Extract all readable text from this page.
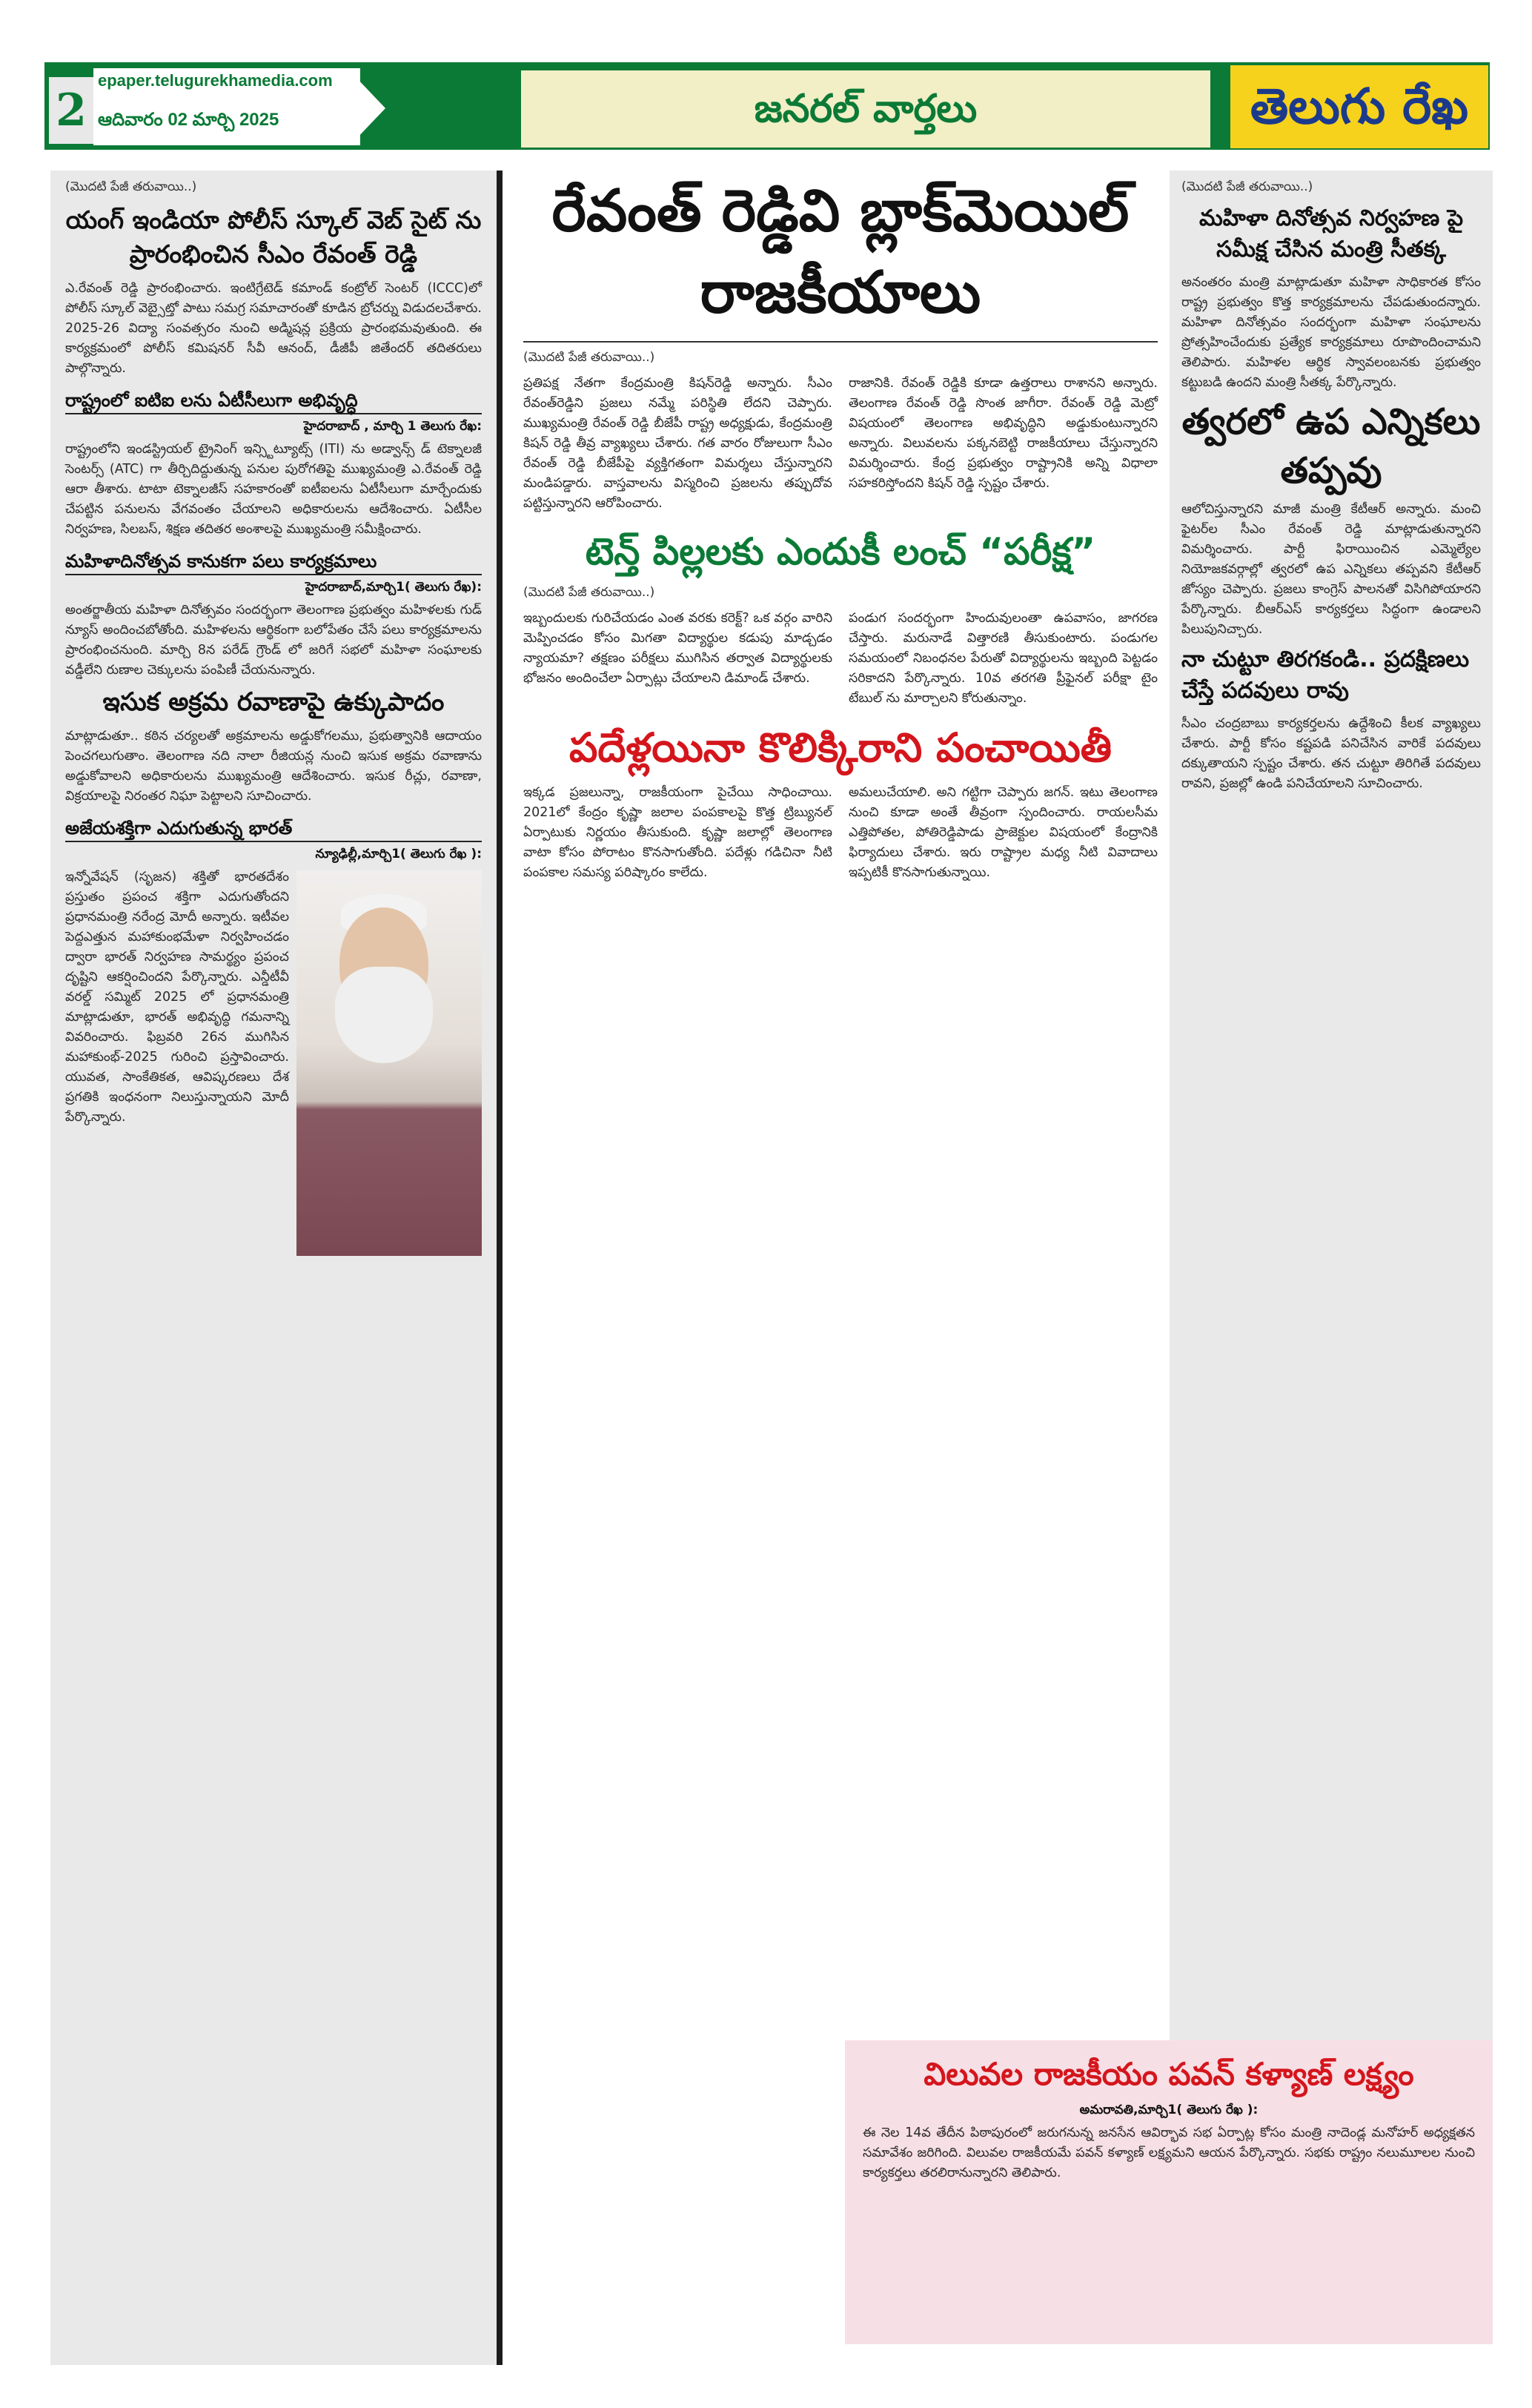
2
epaper.telugurekhamedia.com
ఆదివారం 02 మార్చి 2025	జనరల్ వార్తలు	తెలుగు రేఖ
(మొదటి పేజీ తరువాయి..)
యంగ్ ఇండియా పోలీస్ స్కూల్ వెబ్ సైట్ ను ప్రారంభించిన సీఎం రేవంత్ రెడ్డి

ఎ.రేవంత్ రెడ్డి ప్రారంభించారు. ఇంటిగ్రేటెడ్ కమాండ్ కంట్రోల్ సెంటర్ (ICCC)లో పోలీస్ స్కూల్ వెబ్సైట్తో పాటు సమగ్ర సమాచారంతో కూడిన బ్రోచర్ను విడుదలచేశారు. 2025-26 విద్యా సంవత్సరం నుంచి అడ్మిషన్ల ప్రక్రియ ప్రారంభమవుతుంది. ఈ కార్యక్రమంలో పోలీస్ కమిషనర్ సీవీ ఆనంద్, డీజీపీ జితేందర్ తదితరులు పాల్గొన్నారు.

రాష్ట్రంలో ఐటిఐ లను ఏటీసీలుగా అభివృద్ధి
హైదరాబాద్ , మార్చి 1 తెలుగు రేఖ:

రాష్ట్రంలోని ఇండస్ట్రియల్ ట్రైనింగ్ ఇన్స్టిట్యూట్స్ (ITI) ను అడ్వాన్స్ డ్ టెక్నాలజీ సెంటర్స్ (ATC) గా తీర్చిదిద్దుతున్న పనుల పురోగతిపై ముఖ్యమంత్రి ఎ.రేవంత్ రెడ్డి ఆరా తీశారు. టాటా టెక్నాలజీస్ సహకారంతో ఐటీఐలను ఏటీసీలుగా మార్చేందుకు చేపట్టిన పనులను వేగవంతం చేయాలని అధికారులను ఆదేశించారు. ఏటీసీల నిర్వహణ, సిలబస్, శిక్షణ తదితర అంశాలపై ముఖ్యమంత్రి సమీక్షించారు.

మహిళాదినోత్సవ కానుకగా పలు కార్యక్రమాలు
హైదరాబాద్,మార్చి1( తెలుగు రేఖ):

అంతర్జాతీయ మహిళా దినోత్సవం సందర్భంగా తెలంగాణ ప్రభుత్వం మహిళలకు గుడ్ న్యూస్ అందించబోతోంది. మహిళలను ఆర్థికంగా బలోపేతం చేసే పలు కార్యక్రమాలను ప్రారంభించనుంది. మార్చి 8న పరేడ్ గ్రౌండ్ లో జరిగే సభలో మహిళా సంఘాలకు వడ్డీలేని రుణాల చెక్కులను పంపిణీ చేయనున్నారు.

ఇసుక అక్రమ రవాణాపై ఉక్కుపాదం

మాట్లాడుతూ.. కఠిన చర్యలతో అక్రమాలను అడ్డుకోగలము, ప్రభుత్వానికి ఆదాయం పెంచగలుగుతాం. తెలంగాణ నది నాలా రీజియన్ల నుంచి ఇసుక అక్రమ రవాణాను అడ్డుకోవాలని అధికారులను ముఖ్యమంత్రి ఆదేశించారు. ఇసుక రీచ్లు, రవాణా, విక్రయాలపై నిరంతర నిఘా పెట్టాలని సూచించారు.

అజేయశక్తిగా ఎదుగుతున్న భారత్
న్యూఢిల్లీ,మార్చి1( తెలుగు రేఖ ):

ఇన్నోవేషన్ (సృజన) శక్తితో భారతదేశం ప్రస్తుతం ప్రపంచ శక్తిగా ఎదుగుతోందని ప్రధానమంత్రి నరేంద్ర మోదీ అన్నారు. ఇటీవల పెద్దఎత్తున మహాకుంభమేళా నిర్వహించడం ద్వారా భారత్ నిర్వహణ సామర్థ్యం ప్రపంచ దృష్టిని ఆకర్షించిందని పేర్కొన్నారు. ఎన్డీటీవీ వరల్డ్ సమ్మిట్ 2025 లో ప్రధానమంత్రి మాట్లాడుతూ, భారత్ అభివృద్ధి గమనాన్ని వివరించారు. ఫిబ్రవరి 26న ముగిసిన మహాకుంభ్-2025 గురించి ప్రస్తావించారు. యువత, సాంకేతికత, ఆవిష్కరణలు దేశ ప్రగతికి ఇంధనంగా నిలుస్తున్నాయని మోదీ పేర్కొన్నారు.

రేవంత్ రెడ్డివి బ్లాక్‌మెయిల్ రాజకీయాలు
(మొదటి పేజీ తరువాయి..)

ప్రతిపక్ష నేతగా కేంద్రమంత్రి కిషన్‌రెడ్డి అన్నారు. సీఎం రేవంత్‌రెడ్డిని ప్రజలు నమ్మే పరిస్థితి లేదని చెప్పారు. ముఖ్యమంత్రి రేవంత్ రెడ్డి బీజేపీ రాష్ట్ర అధ్యక్షుడు, కేంద్రమంత్రి కిషన్ రెడ్డి తీవ్ర వ్యాఖ్యలు చేశారు. గత వారం రోజులుగా సీఎం రేవంత్ రెడ్డి బీజేపీపై వ్యక్తిగతంగా విమర్శలు చేస్తున్నారని మండిపడ్డారు. వాస్తవాలను విస్మరించి ప్రజలను తప్పుదోవ పట్టిస్తున్నారని ఆరోపించారు.

రాజానికి. రేవంత్ రెడ్డికి కూడా ఉత్తరాలు రాశానని అన్నారు. తెలంగాణ రేవంత్ రెడ్డి సొంత జాగీరా. రేవంత్ రెడ్డి మెట్రో విషయంలో తెలంగాణ అభివృద్ధిని అడ్డుకుంటున్నారని అన్నారు. విలువలను పక్కనబెట్టి రాజకీయాలు చేస్తున్నారని విమర్శించారు. కేంద్ర ప్రభుత్వం రాష్ట్రానికి అన్ని విధాలా సహకరిస్తోందని కిషన్ రెడ్డి స్పష్టం చేశారు.

టెన్త్ పిల్లలకు ఎందుకీ లంచ్ “పరీక్ష”
(మొదటి పేజీ తరువాయి..)

ఇబ్బందులకు గురిచేయడం ఎంత వరకు కరెక్ట్? ఒక వర్గం వారిని మెప్పించడం కోసం మిగతా విద్యార్థుల కడుపు మాడ్చడం న్యాయమా? తక్షణం పరీక్షలు ముగిసిన తర్వాత విద్యార్థులకు భోజనం అందించేలా ఏర్పాట్లు చేయాలని డిమాండ్ చేశారు.

పండుగ సందర్భంగా హిందువులంతా ఉపవాసం, జాగరణ చేస్తారు. మరునాడే విత్తారణి తీసుకుంటారు. పండుగల సమయంలో నిబంధనల పేరుతో విద్యార్థులను ఇబ్బంది పెట్టడం సరికాదని పేర్కొన్నారు. 10వ తరగతి ప్రీఫైనల్ పరీక్షా టైం టేబుల్ ను మార్చాలని కోరుతున్నాం.

పదేళ్లయినా కొలిక్కిరాని పంచాయితీ

ఇక్కడ ప్రజలున్నా, రాజకీయంగా పైచేయి సాధించాయి. 2021లో కేంద్రం కృష్ణా జలాల పంపకాలపై కొత్త ట్రిబ్యునల్ ఏర్పాటుకు నిర్ణయం తీసుకుంది. కృష్ణా జలాల్లో తెలంగాణ వాటా కోసం పోరాటం కొనసాగుతోంది. పదేళ్లు గడిచినా నీటి పంపకాల సమస్య పరిష్కారం కాలేదు.

అమలుచేయాలి. అని గట్టిగా చెప్పారు జగన్. ఇటు తెలంగాణ నుంచి కూడా అంతే తీవ్రంగా స్పందించారు. రాయలసీమ ఎత్తిపోతల, పోతిరెడ్డిపాడు ప్రాజెక్టుల విషయంలో కేంద్రానికి ఫిర్యాదులు చేశారు. ఇరు రాష్ట్రాల మధ్య నీటి వివాదాలు ఇప్పటికీ కొనసాగుతున్నాయి.

(మొదటి పేజీ తరువాయి..)
మహిళా దినోత్సవ నిర్వహణ పై సమీక్ష చేసిన మంత్రి సీతక్క

అనంతరం మంత్రి మాట్లాడుతూ మహిళా సాధికారత కోసం రాష్ట్ర ప్రభుత్వం కొత్త కార్యక్రమాలను చేపడుతుందన్నారు. మహిళా దినోత్సవం సందర్భంగా మహిళా సంఘాలను ప్రోత్సహించేందుకు ప్రత్యేక కార్యక్రమాలు రూపొందించామని తెలిపారు. మహిళల ఆర్థిక స్వావలంబనకు ప్రభుత్వం కట్టుబడి ఉందని మంత్రి సీతక్క పేర్కొన్నారు.

త్వరలో ఉప ఎన్నికలు తప్పవు

ఆలోచిస్తున్నారని మాజీ మంత్రి కేటీఆర్ అన్నారు. మంచి ఫైటర్‌ల సీఎం రేవంత్ రెడ్డి మాట్లాడుతున్నారని విమర్శించారు. పార్టీ ఫిరాయించిన ఎమ్మెల్యేల నియోజకవర్గాల్లో త్వరలో ఉప ఎన్నికలు తప్పవని కేటీఆర్ జోస్యం చెప్పారు. ప్రజలు కాంగ్రెస్ పాలనతో విసిగిపోయారని పేర్కొన్నారు. బీఆర్ఎస్ కార్యకర్తలు సిద్ధంగా ఉండాలని పిలుపునిచ్చారు.

నా చుట్టూ తిరగకండి.. ప్రదక్షిణలు చేస్తే పదవులు రావు

సీఎం చంద్రబాబు కార్యకర్తలను ఉద్దేశించి కీలక వ్యాఖ్యలు చేశారు. పార్టీ కోసం కష్టపడి పనిచేసిన వారికే పదవులు దక్కుతాయని స్పష్టం చేశారు. తన చుట్టూ తిరిగితే పదవులు రావని, ప్రజల్లో ఉండి పనిచేయాలని సూచించారు.

విలువల రాజకీయం పవన్ కళ్యాణ్ లక్ష్యం
అమరావతి,మార్చి1( తెలుగు రేఖ ):

ఈ నెల 14వ తేదీన పిఠాపురంలో జరుగనున్న జనసేన ఆవిర్భావ సభ ఏర్పాట్ల కోసం మంత్రి నాదెండ్ల మనోహర్ అధ్యక్షతన సమావేశం జరిగింది. విలువల రాజకీయమే పవన్ కళ్యాణ్ లక్ష్యమని ఆయన పేర్కొన్నారు. సభకు రాష్ట్రం నలుమూలల నుంచి కార్యకర్తలు తరలిరానున్నారని తెలిపారు.
